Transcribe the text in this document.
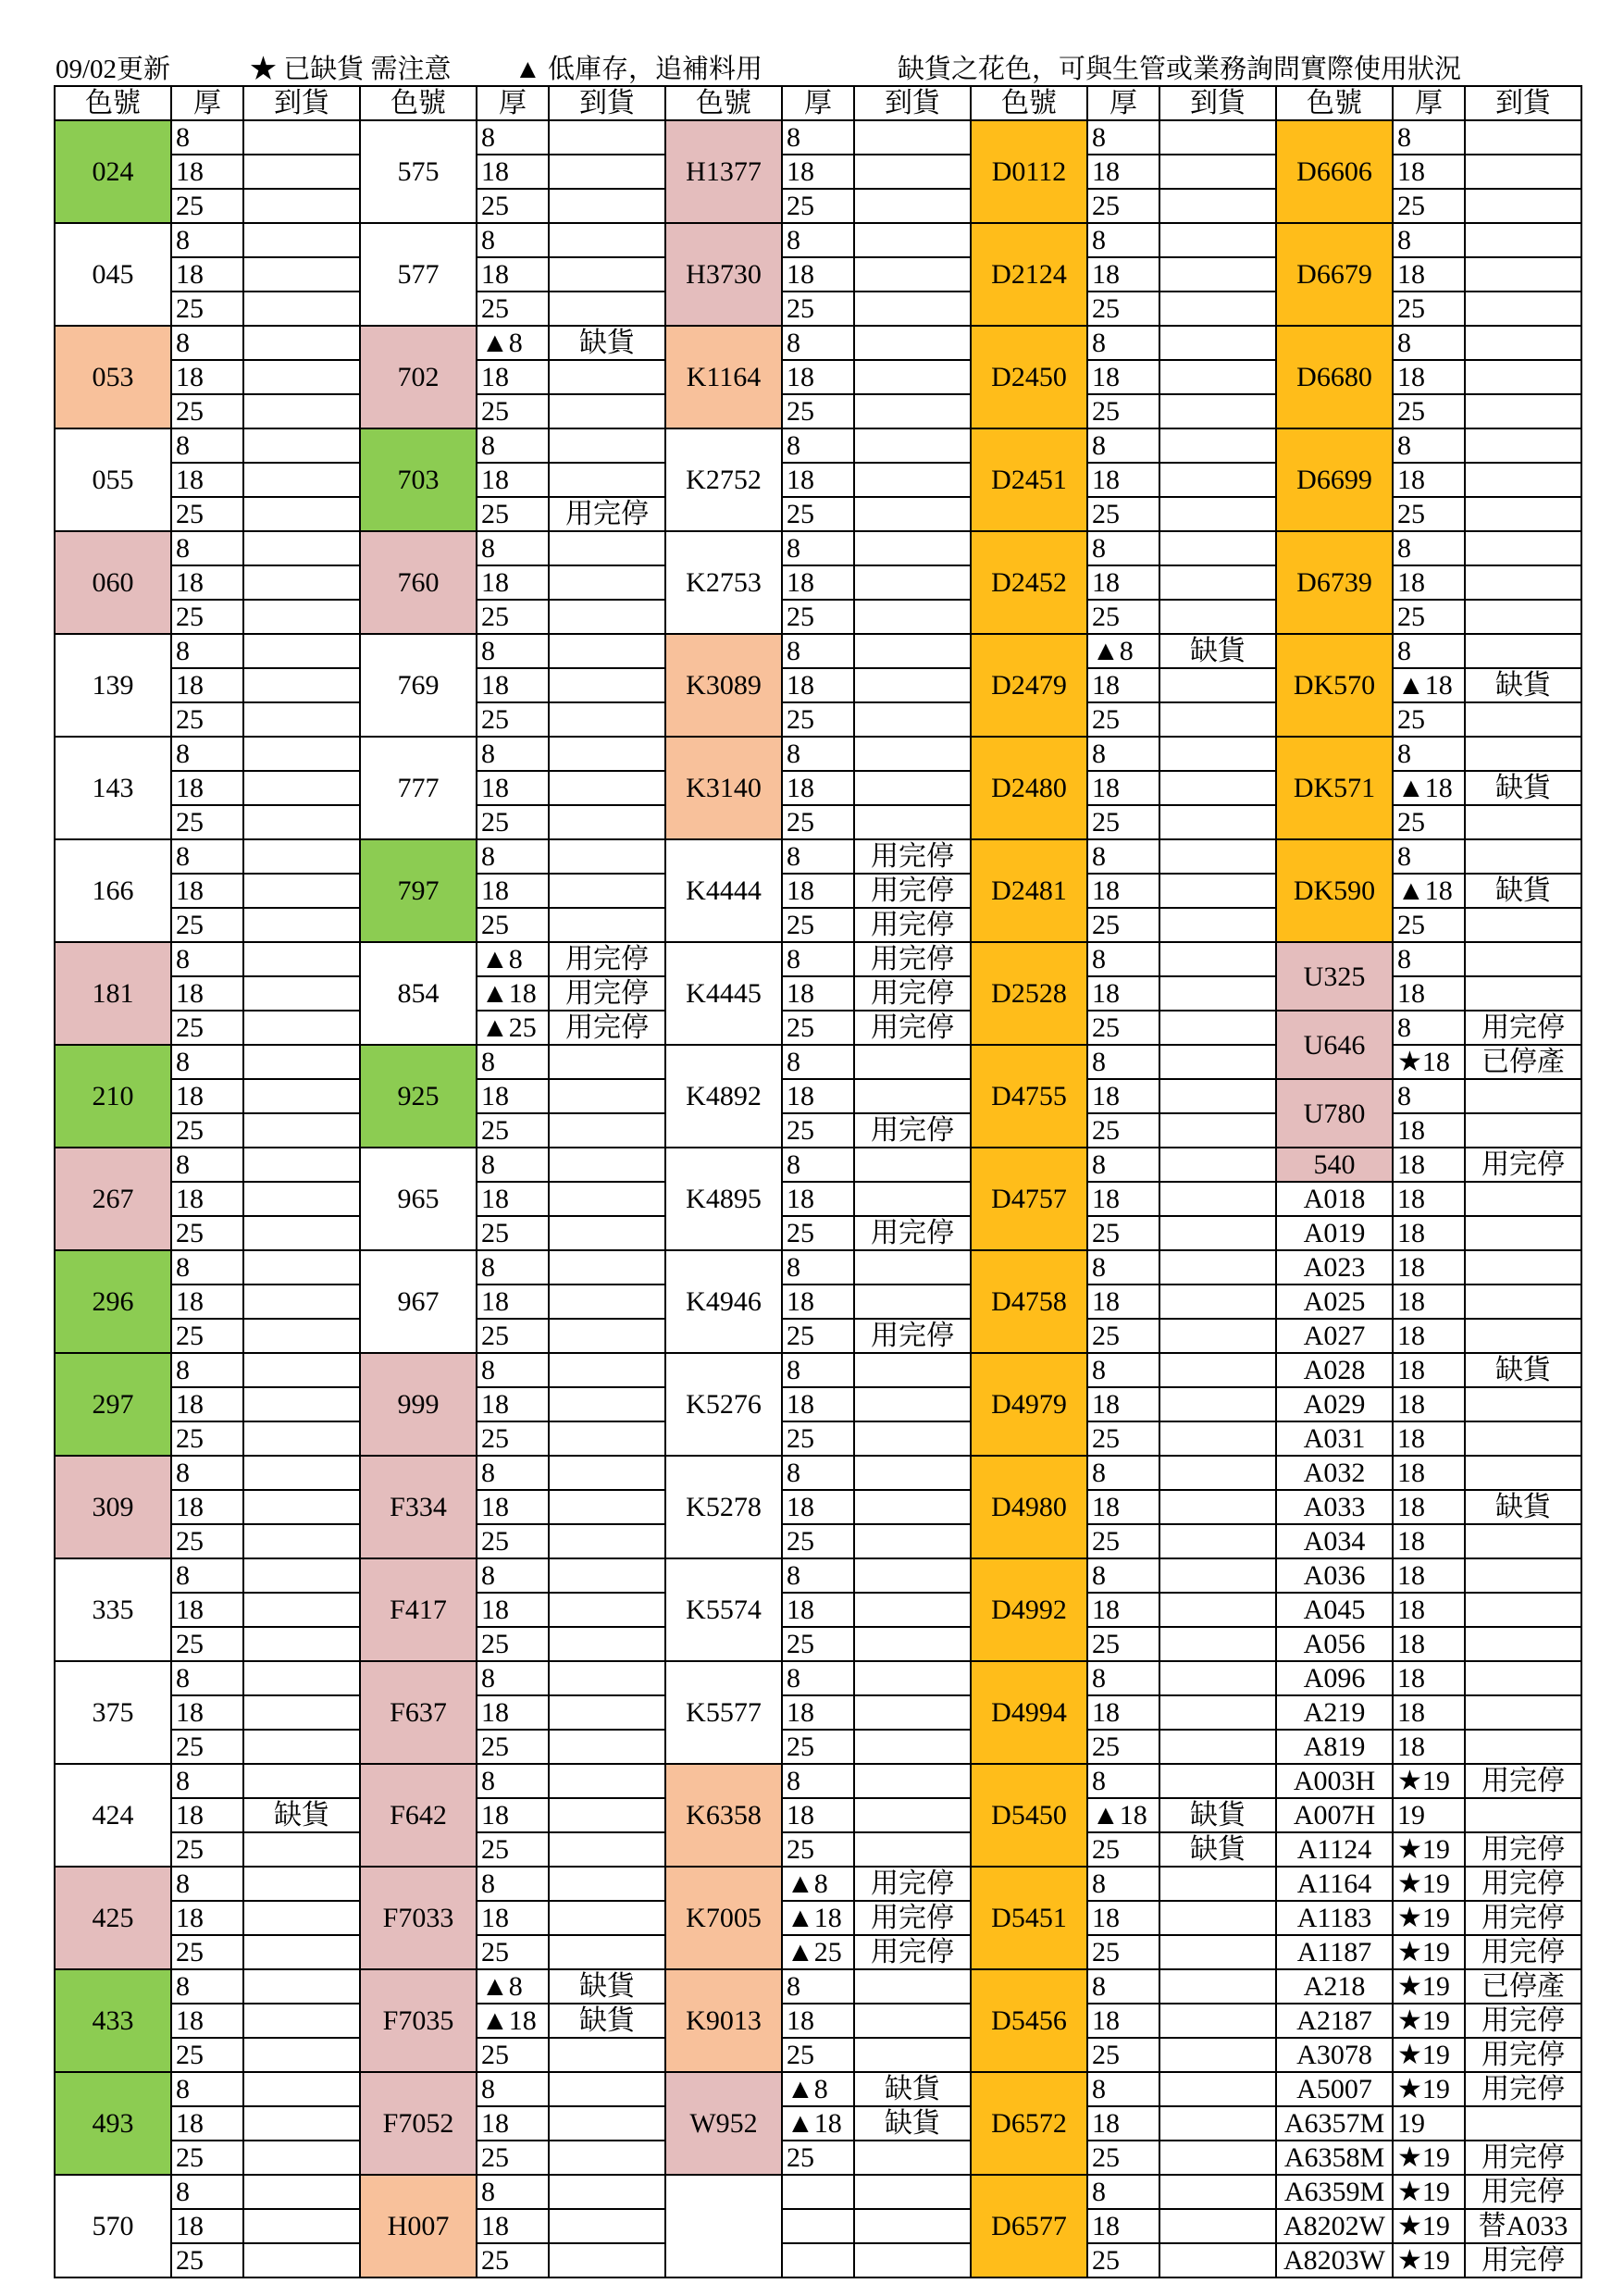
09/02更新	★ 已缺貨 需注意 ▲ 低庫存，追補料用	缺貨之花色，可與生管或業務詢問實際使用狀況
色號	厚	到貨	色號	厚	到貨	色號	厚	到貨	色號	厚	到貨	色號	厚	到貨
024	8		575	8		H1377	8		D0112	8		D6606	8	
	18			18			18			18			18	
	25			25			25			25			25	
045	8		577	8		H3730	8		D2124	8		D6679	8	
	18			18			18			18			18	
	25			25			25			25			25	
053	8		702	▲8	缺貨	K1164	8		D2450	8		D6680	8	
	18			18			18			18			18	
	25			25			25			25			25	
055	8		703	8		K2752	8		D2451	8		D6699	8	
	18			18			18			18			18	
	25			25	用完停		25			25			25	
060	8		760	8		K2753	8		D2452	8		D6739	8	
	18			18			18			18			18	
	25			25			25			25			25	
139	8		769	8		K3089	8		D2479	▲8	缺貨	DK570	8	
	18			18			18			18			▲18	缺貨
	25			25			25			25			25	
143	8		777	8		K3140	8		D2480	8		DK571	8	
	18			18			18			18			▲18	缺貨
	25			25			25			25			25	
166	8		797	8		K4444	8	用完停	D2481	8		DK590	8	
	18			18			18	用完停		18			▲18	缺貨
	25			25			25	用完停		25			25	
181	8		854	▲8	用完停	K4445	8	用完停	D2528	8		U325	8	
	18			▲18	用完停		18	用完停		18			18	
	25			▲25	用完停		25	用完停		25		U646	8	用完停
210	8		925	8		K4892	8		D4755	8			★18	已停產
	18			18			18			18		U780	8	
	25			25			25	用完停		25			18	
267	8		965	8		K4895	8		D4757	8		540	18	用完停
	18			18			18			18		A018	18	
	25			25			25	用完停		25		A019	18	
296	8		967	8		K4946	8		D4758	8		A023	18	
	18			18			18			18		A025	18	
	25			25			25	用完停		25		A027	18	
297	8		999	8		K5276	8		D4979	8		A028	18	缺貨
	18			18			18			18		A029	18	
	25			25			25			25		A031	18	
309	8		F334	8		K5278	8		D4980	8		A032	18	
	18			18			18			18		A033	18	缺貨
	25			25			25			25		A034	18	
335	8		F417	8		K5574	8		D4992	8		A036	18	
	18			18			18			18		A045	18	
	25			25			25			25		A056	18	
375	8		F637	8		K5577	8		D4994	8		A096	18	
	18			18			18			18		A219	18	
	25			25			25			25		A819	18	
424	8		F642	8		K6358	8		D5450	8		A003H	★19	用完停
	18	缺貨		18			18			▲18	缺貨	A007H	19	
	25			25			25			25	缺貨	A1124	★19	用完停
425	8		F7033	8		K7005	▲8	用完停	D5451	8		A1164	★19	用完停
	18			18			▲18	用完停		18		A1183	★19	用完停
	25			25			▲25	用完停		25		A1187	★19	用完停
433	8		F7035	▲8	缺貨	K9013	8		D5456	8		A218	★19	已停產
	18			▲18	缺貨		18			18		A2187	★19	用完停
	25			25			25			25		A3078	★19	用完停
493	8		F7052	8		W952	▲8	缺貨	D6572	8		A5007	★19	用完停
	18			18			▲18	缺貨		18		A6357M	19	
	25			25			25			25		A6358M	★19	用完停
570	8		H007	8					D6577	8		A6359M	★19	用完停
	18			18						18		A8202W	★19	替A033
	25			25						25		A8203W	★19	用完停
